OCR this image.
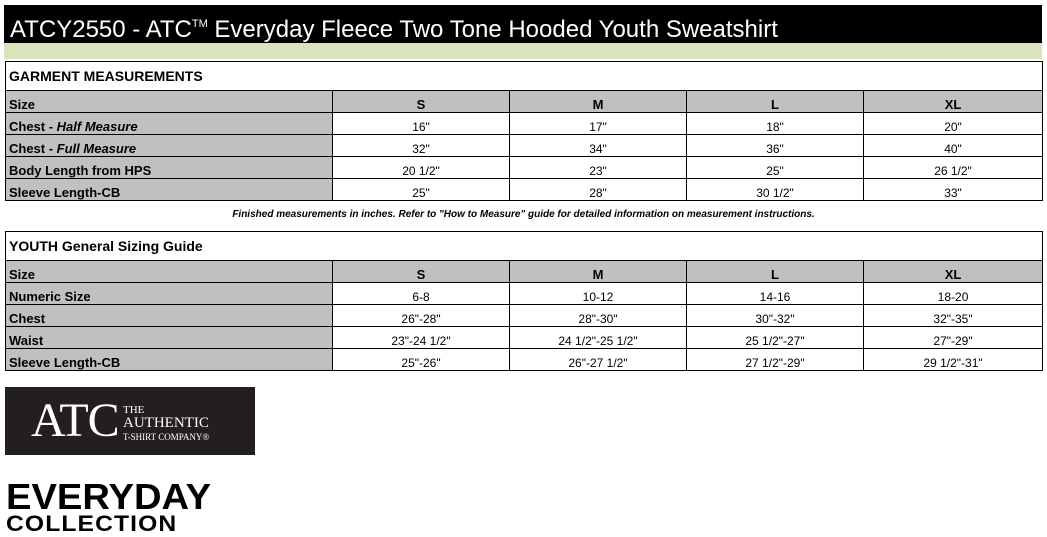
ATCY2550 - ATC™ Everyday Fleece Two Tone Hooded Youth Sweatshirt
GARMENT MEASUREMENTS				
Size	S	M	L	XL
Chest - Half Measure	16"	17"	18"	20"
Chest - Full Measure	32"	34"	36"	40"
Body Length from HPS	20 1/2"	23"	25"	26 1/2"
Sleeve Length-CB	25"	28"	30 1/2"	33"
Finished measurements in inches. Refer to "How to Measure" guide for detailed information on measurement instructions.
YOUTH General Sizing Guide				
Size	S	M	L	XL
Numeric Size	6-8	10-12	14-16	18-20
Chest	26"-28"	28"-30"	30"-32"	32"-35"
Waist	23"-24 1/2"	24 1/2"-25 1/2"	25 1/2"-27"	27"-29"
Sleeve Length-CB	25"-26"	26"-27 1/2"	27 1/2"-29"	29 1/2"-31"
ATC THE
AUTHENTIC
T-SHIRT COMPANY®
EVERYDAY
COLLECTION
